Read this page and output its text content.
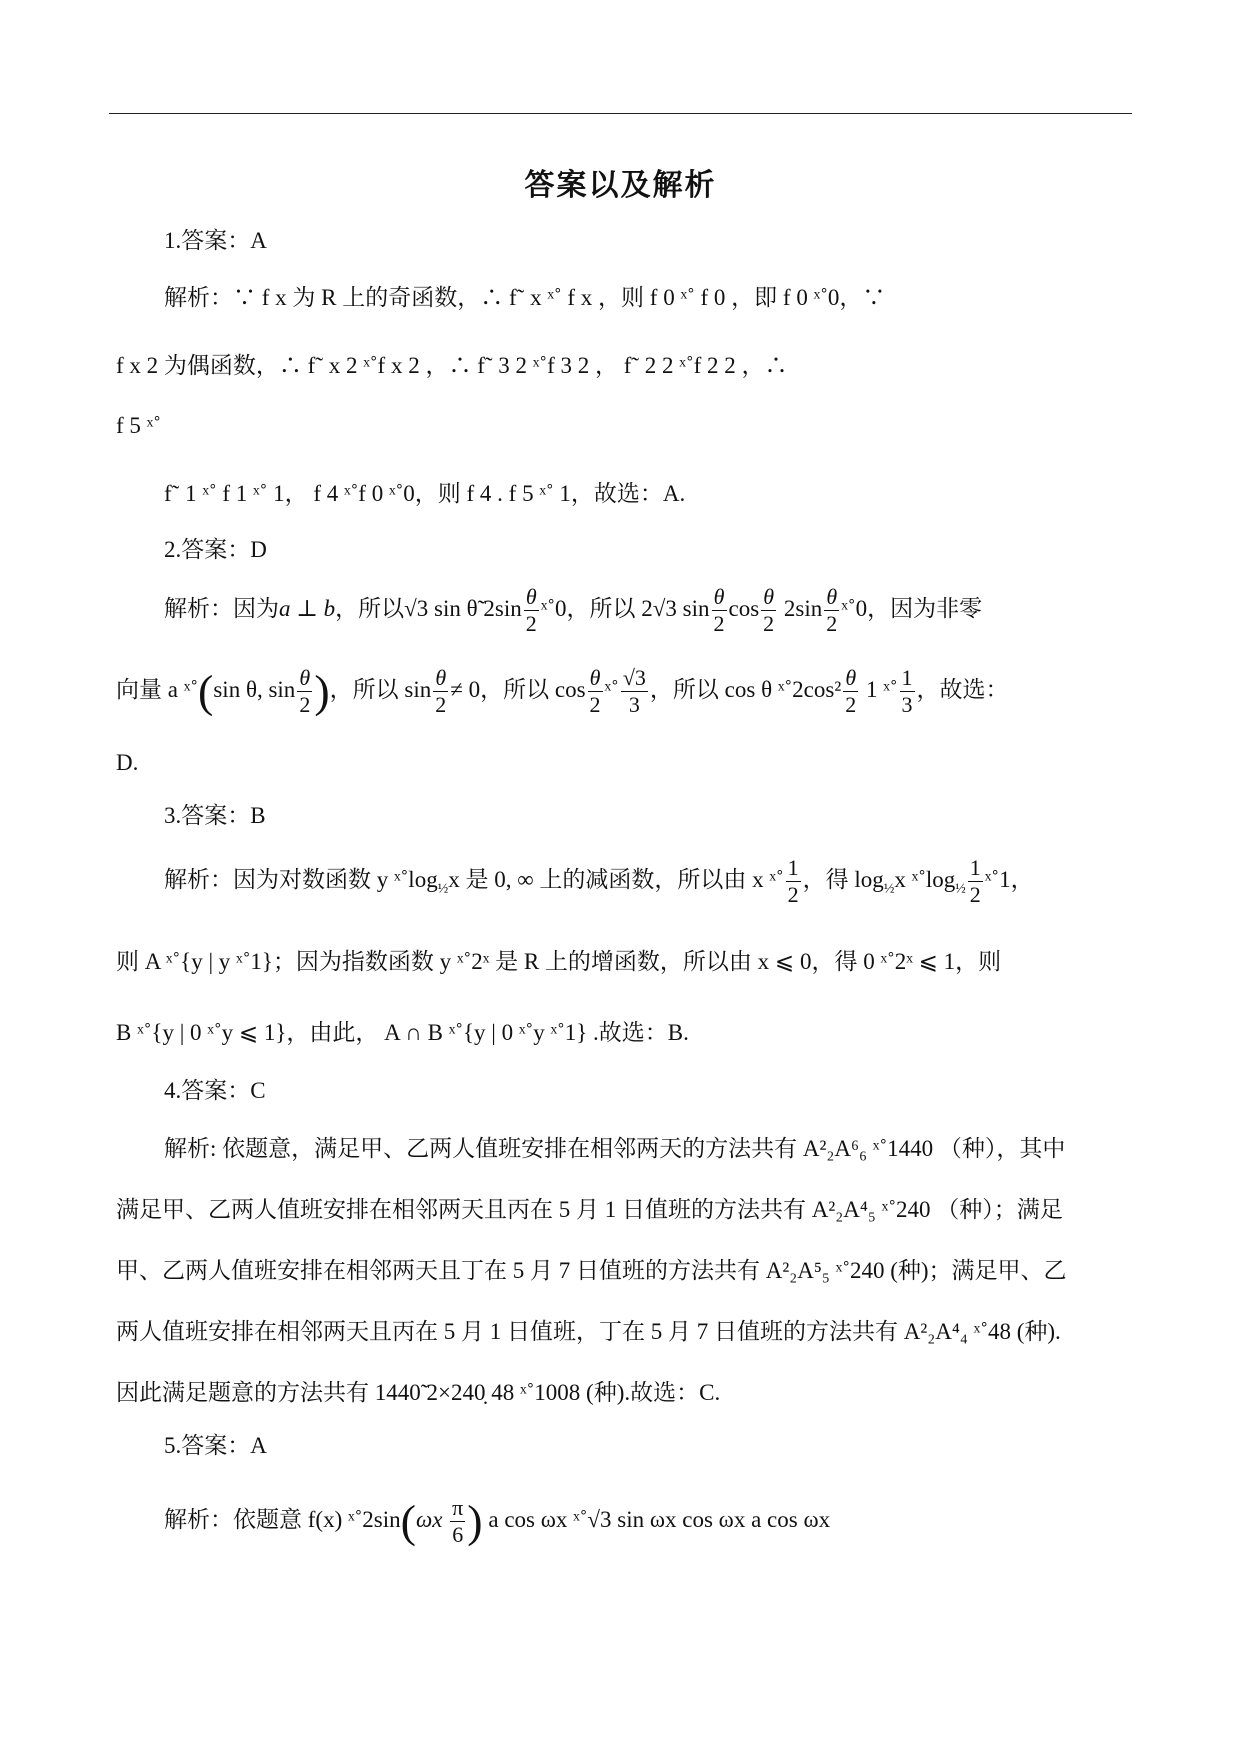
答案以及解析
1.答案：A
解析：∵ f x 为 R 上的奇函数，∴ f˜ x ˣ˚ f x ，则 f 0 ˣ˚ f 0 ，即 f 0 ˣ˚0，∵
f x 2 为偶函数，∴ f˜ x 2 ˣ˚f x 2 ，∴ f˜ 3 2 ˣ˚f 3 2 ， f˜ 2 2 ˣ˚f 2 2 ，∴
f 5 ˣ˚
f˜ 1 ˣ˚ f 1 ˣ˚ 1， f 4 ˣ˚f 0 ˣ˚0，则 f 4 . f 5 ˣ˚ 1，故选：A.
2.答案：D
解析：因为a ⊥ b，所以√3 sin θ̃ $2\sin \frac{\theta}{2}$ ˣ˚0，所以 2√3 $\sin \frac{\theta}{2}$ $\cos \frac{\theta}{2} 2\sin \frac{\theta}{2}$ ˣ˚0，因为非零
向量 a ˣ˚(sin θ, $\sin \frac{\theta}{2}$ )，所以 $\sin \frac{\theta}{2} \ne 0$，所以 $\cos \frac{\theta}{2}$ ˣ˚ $\frac{√3}{3}$ ，所以 cos θ ˣ˚2cos² $\frac{\theta}{2} 1$ ˣ˚ $\frac{1}{3}$ ，故选：
D.
3.答案：B
解析：因为对数函数 y $ˣ˚\log_{\frac{1}{2}}x$ 是 0, ∞ 上的减函数，所以由 x ˣ˚ $\frac{1}{2}$ ，得 $\log_{\frac{1}{2}}x$ $ˣ˚\log_{\frac{1}{2}} \frac{1}{2}$ ˣ˚1，
则 A ˣ˚{y | y ˣ˚1}；因为指数函数 y ˣ˚2ˣ 是 R 上的增函数，所以由 x ⩽ 0，得 0 ˣ˚2ˣ ⩽ 1，则
B ˣ˚{y | 0 ˣ˚y ⩽ 1}，由此， A ∩ B ˣ˚{y | 0 ˣ˚y ˣ˚1} .故选：B.
4.答案：C
解析: 依题意，满足甲、乙两人值班安排在相邻两天的方法共有 A²₂A⁶₆ ˣ˚1440 （种），其中
满足甲、乙两人值班安排在相邻两天且丙在 5 月 1 日值班的方法共有 A²₂A⁴₅ ˣ˚240 （种）；满足
甲、乙两人值班安排在相邻两天且丁在 5 月 7 日值班的方法共有 A²₂A⁵₅ ˣ˚240 (种)；满足甲、乙
两人值班安排在相邻两天且丙在 5 月 1 日值班，丁在 5 月 7 日值班的方法共有 A²₂A⁴₄ ˣ˚48 (种).
因此满足题意的方法共有 1440̃ 2×240̣ 48 ˣ˚1008 (种).故选：C.
5.答案：A
解析：依题意 f(x) ˣ˚2sin(ωx $\frac{\pi}{6}$ ) a cos ωx ˣ˚√3 sin ωx cos ωx a cos ωx
